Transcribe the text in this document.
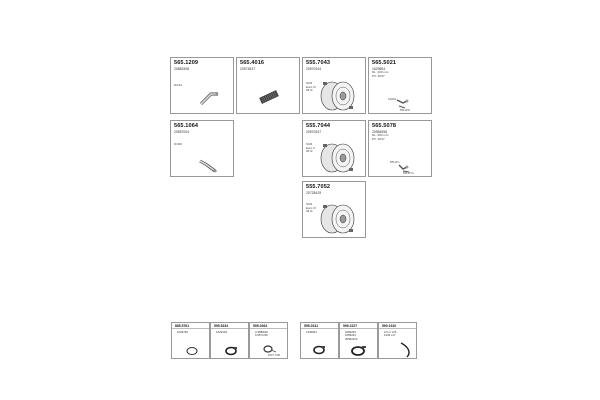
565.1209
20883308
D/134
565.4016
20573637
555.7043
20570344
SCR
Euro IV
36 ltr.
565.5021
1629654
DL: 400 mm
PX: 4P27
312F02
565.4P27
565.1064
20557004
D/400
555.7044
20570347
SCR
Euro V
36 ltr.
565.5078
20984596
DL: 283 mm
PX: 4P27
565.4P 1
565.4P 11
555.7052
20728429
SCR
Euro IV
36 ltr.
885.5761
1629766
595.5234
1629418
595.0264
3.3RBD20
0.95YO35
DT27, 1/08
595.0241
1330821
599.2227
1683245
1683244
20562423
590.1910
2.6 m x25
1333 x17
